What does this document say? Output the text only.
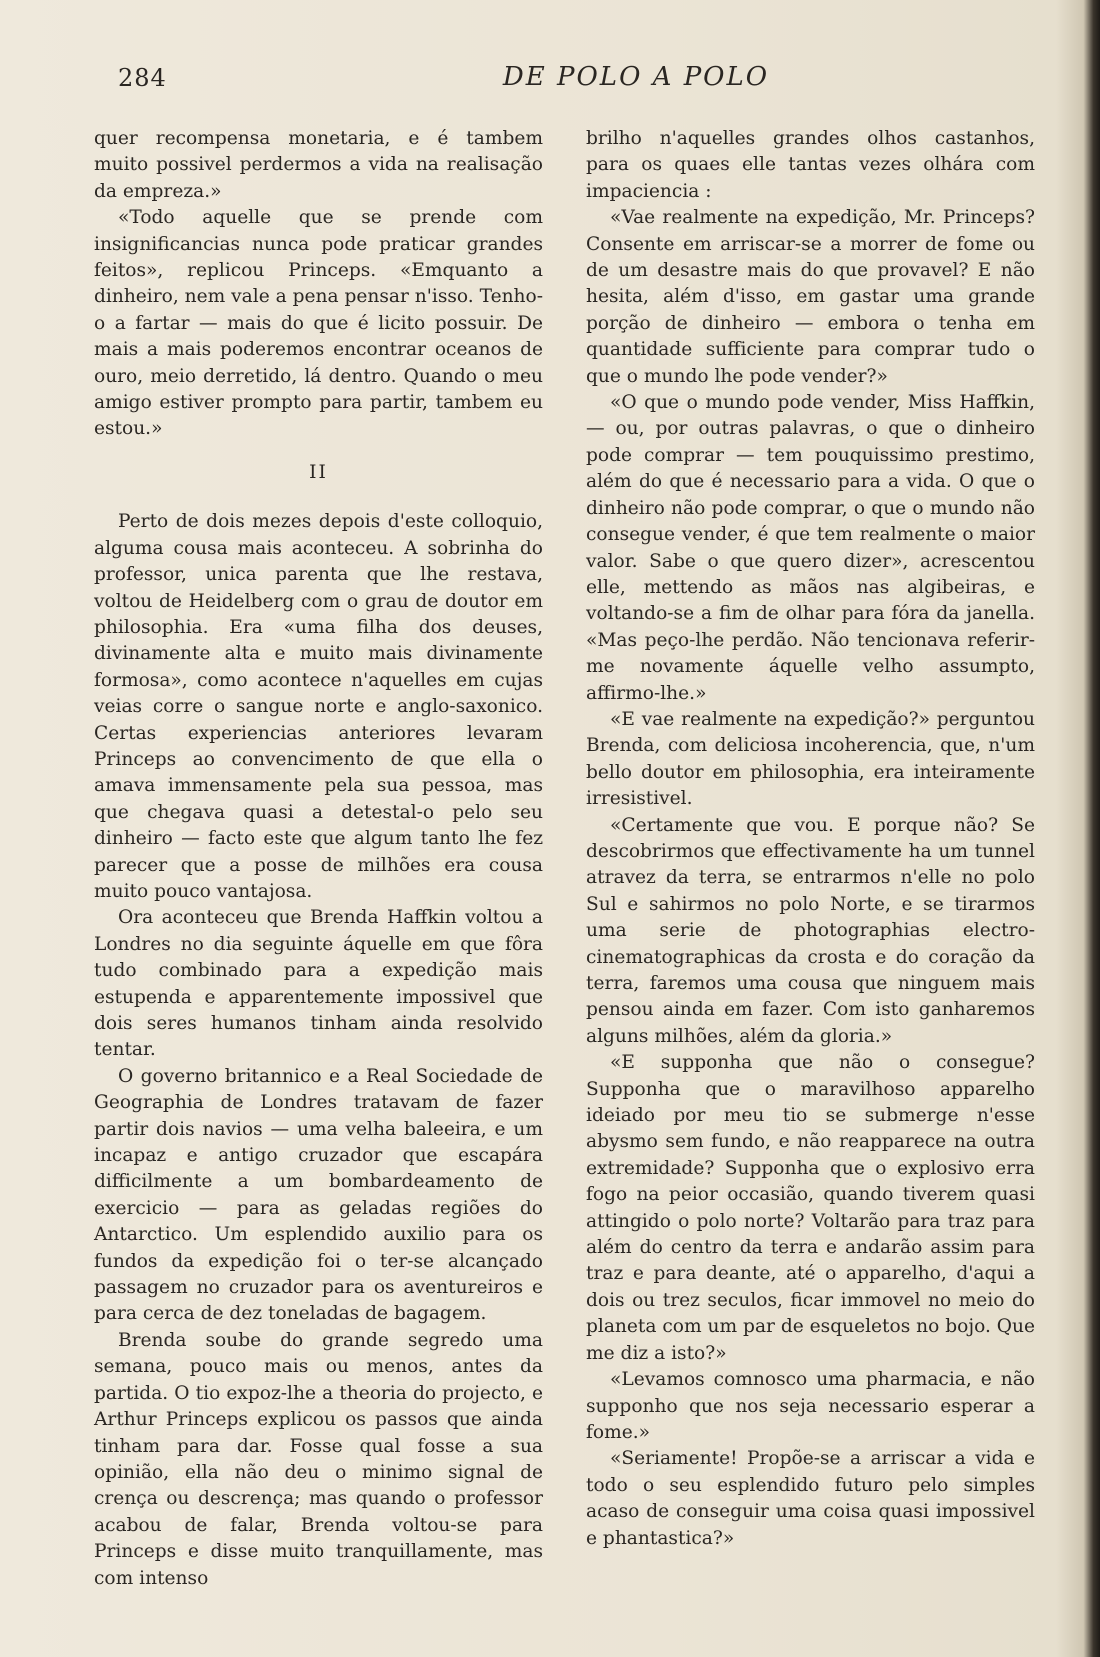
284	DE POLO A POLO

quer recompensa monetaria, e é tambem muito possivel perdermos a vida na realisação da empreza.»

«Todo aquelle que se prende com insignificancias nunca pode praticar grandes feitos», replicou Princeps. «Emquanto a dinheiro, nem vale a pena pensar n'isso. Tenho-o a fartar — mais do que é licito possuir. De mais a mais poderemos encontrar oceanos de ouro, meio derretido, lá dentro. Quando o meu amigo estiver prompto para partir, tambem eu estou.»

II

Perto de dois mezes depois d'este colloquio, alguma cousa mais aconteceu. A sobrinha do professor, unica parenta que lhe restava, voltou de Heidelberg com o grau de doutor em philosophia. Era «uma filha dos deuses, divinamente alta e muito mais divinamente formosa», como acontece n'aquelles em cujas veias corre o sangue norte e anglo-saxonico. Certas experiencias anteriores levaram Princeps ao convencimento de que ella o amava immensamente pela sua pessoa, mas que chegava quasi a detestal-o pelo seu dinheiro — facto este que algum tanto lhe fez parecer que a posse de milhões era cousa muito pouco vantajosa.

Ora aconteceu que Brenda Haffkin voltou a Londres no dia seguinte áquelle em que fôra tudo combinado para a expedição mais estupenda e apparentemente impossivel que dois seres humanos tinham ainda resolvido tentar.

O governo britannico e a Real Sociedade de Geographia de Londres tratavam de fazer partir dois navios — uma velha baleeira, e um incapaz e antigo cruzador que escapára difficilmente a um bombardeamento de exercicio — para as geladas regiões do Antarctico. Um esplendido auxilio para os fundos da expedição foi o ter-se alcançado passagem no cruzador para os aventureiros e para cerca de dez toneladas de bagagem.

Brenda soube do grande segredo uma semana, pouco mais ou menos, antes da partida. O tio expoz-lhe a theoria do projecto, e Arthur Princeps explicou os passos que ainda tinham para dar. Fosse qual fosse a sua opinião, ella não deu o minimo signal de crença ou descrença; mas quando o professor acabou de falar, Brenda voltou-se para Princeps e disse muito tranquillamente, mas com intenso

brilho n'aquelles grandes olhos castanhos, para os quaes elle tantas vezes olhára com impaciencia :

«Vae realmente na expedição, Mr. Princeps? Consente em arriscar-se a morrer de fome ou de um desastre mais do que provavel? E não hesita, além d'isso, em gastar uma grande porção de dinheiro — embora o tenha em quantidade sufficiente para comprar tudo o que o mundo lhe pode vender?»

«O que o mundo pode vender, Miss Haffkin, — ou, por outras palavras, o que o dinheiro pode comprar — tem pouquissimo prestimo, além do que é necessario para a vida. O que o dinheiro não pode comprar, o que o mundo não consegue vender, é que tem realmente o maior valor. Sabe o que quero dizer», acrescentou elle, mettendo as mãos nas algibeiras, e voltando-se a fim de olhar para fóra da janella. «Mas peço-lhe perdão. Não tencionava referir-me novamente áquelle velho assumpto, affirmo-lhe.»

«E vae realmente na expedição?» perguntou Brenda, com deliciosa incoherencia, que, n'um bello doutor em philosophia, era inteiramente irresistivel.

«Certamente que vou. E porque não? Se descobrirmos que effectivamente ha um tunnel atravez da terra, se entrarmos n'elle no polo Sul e sahirmos no polo Norte, e se tirarmos uma serie de photographias electro-cinematographicas da crosta e do coração da terra, faremos uma cousa que ninguem mais pensou ainda em fazer. Com isto ganharemos alguns milhões, além da gloria.»

«E supponha que não o consegue? Supponha que o maravilhoso apparelho ideiado por meu tio se submerge n'esse abysmo sem fundo, e não reapparece na outra extremidade? Supponha que o explosivo erra fogo na peior occasião, quando tiverem quasi attingido o polo norte? Voltarão para traz para além do centro da terra e andarão assim para traz e para deante, até o apparelho, d'aqui a dois ou trez seculos, ficar immovel no meio do planeta com um par de esqueletos no bojo. Que me diz a isto?»

«Levamos comnosco uma pharmacia, e não supponho que nos seja necessario esperar a fome.»

«Seriamente! Propõe-se a arriscar a vida e todo o seu esplendido futuro pelo simples acaso de conseguir uma coisa quasi impossivel e phantastica?»
